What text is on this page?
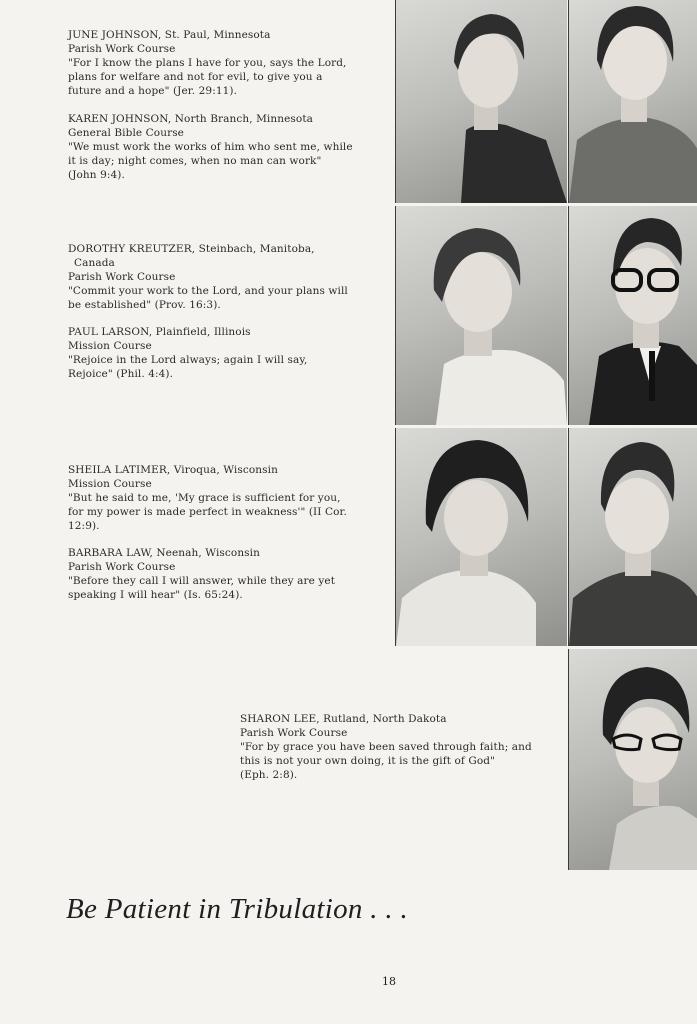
JUNE JOHNSON, St. Paul, Minnesota
Parish Work Course
"For I know the plans I have for you, says the Lord,
plans for welfare and not for evil, to give you a
future and a hope" (Jer. 29:11).
KAREN JOHNSON, North Branch, Minnesota
General Bible Course
"We must work the works of him who sent me, while
it is day; night comes, when no man can work"
(John 9:4).
DOROTHY KREUTZER, Steinbach, Manitoba,
Canada
Parish Work Course
"Commit your work to the Lord, and your plans will
be established" (Prov. 16:3).
PAUL LARSON, Plainfield, Illinois
Mission Course
"Rejoice in the Lord always; again I will say,
Rejoice" (Phil. 4:4).
SHEILA LATIMER, Viroqua, Wisconsin
Mission Course
"But he said to me, 'My grace is sufficient for you,
for my power is made perfect in weakness'" (II Cor.
12:9).
BARBARA LAW, Neenah, Wisconsin
Parish Work Course
"Before they call I will answer, while they are yet
speaking I will hear" (Is. 65:24).
SHARON LEE, Rutland, North Dakota
Parish Work Course
"For by grace you have been saved through faith; and
this is not your own doing, it is the gift of God"
(Eph. 2:8).
Be Patient in Tribulation . . .
18
